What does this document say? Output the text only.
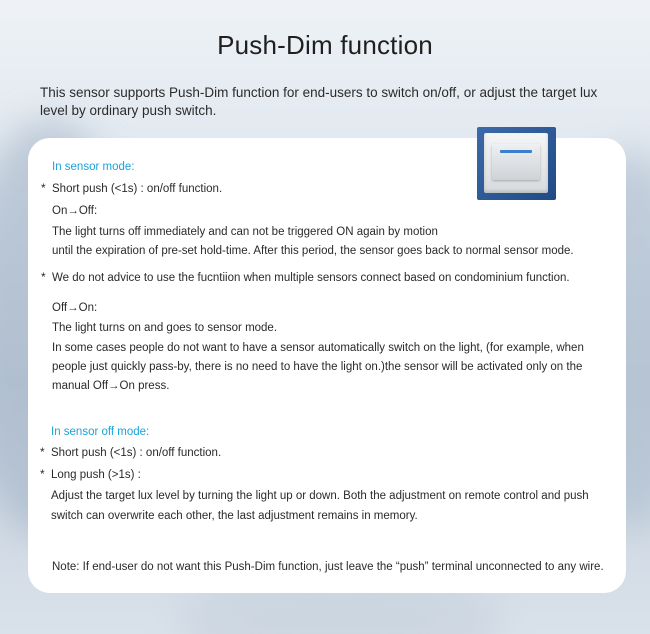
Push-Dim function
This sensor supports Push-Dim function for end-users to switch on/off, or adjust the target lux level by ordinary push switch.
In sensor mode:
* Short push (<1s) : on/off function.
On→Off:
The light turns off immediately and can not be triggered ON again by motion
until the expiration of pre-set hold-time. After this period, the sensor goes back to normal sensor mode.
* We do not advice to use the fucntiion when multiple sensors connect based on condominium function.
Off→On:
The light turns on and goes to sensor mode.
In some cases people do not want to have a sensor automatically switch on the light, (for example, when
people just quickly pass-by, there is no need to have the light on.)the sensor will be activated only on the
manual Off→On press.
In sensor off mode:
* Short push (<1s) : on/off function.
* Long push (>1s) :
Adjust the target lux level by turning the light up or down. Both the adjustment on remote control and push
switch can overwrite each other, the last adjustment remains in memory.
Note: If end-user do not want this Push-Dim function, just leave the “push” terminal unconnected to any wire.
